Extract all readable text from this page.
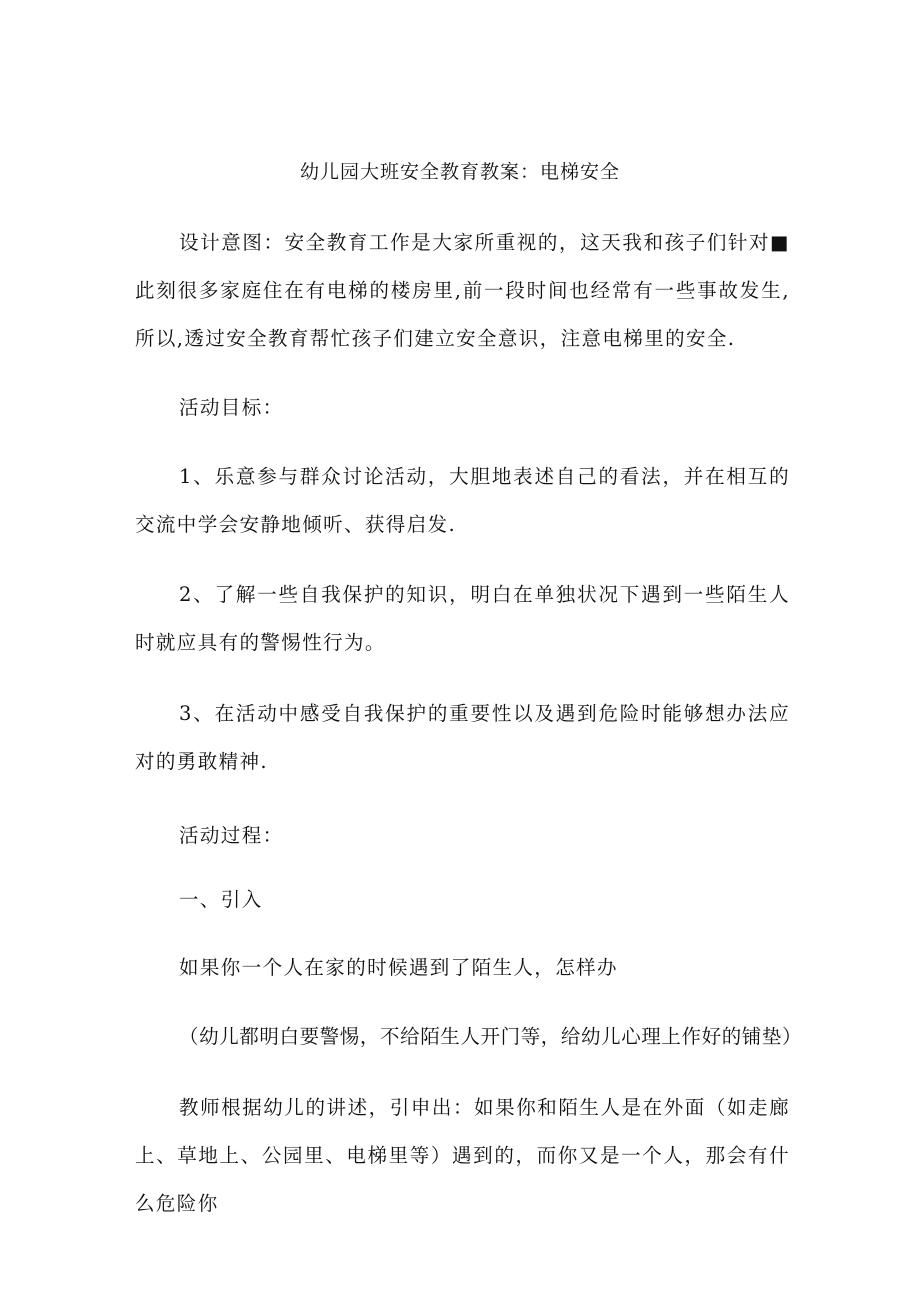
幼儿园大班安全教育教案：电梯安全

设计意图：安全教育工作是大家所重视的，这天我和孩子们针对■此刻很多家庭住在有电梯的楼房里,前一段时间也经常有一些事故发生,所以,透过安全教育帮忙孩子们建立安全意识，注意电梯里的安全.

活动目标：

1、乐意参与群众讨论活动，大胆地表述自己的看法，并在相互的交流中学会安静地倾听、获得启发.

2、了解一些自我保护的知识，明白在单独状况下遇到一些陌生人时就应具有的警惕性行为。

3、在活动中感受自我保护的重要性以及遇到危险时能够想办法应对的勇敢精神.

活动过程：

一、引入

如果你一个人在家的时候遇到了陌生人，怎样办

（幼儿都明白要警惕，不给陌生人开门等，给幼儿心理上作好的铺垫）

教师根据幼儿的讲述，引申出：如果你和陌生人是在外面（如走廊上、草地上、公园里、电梯里等）遇到的，而你又是一个人，那会有什么危险你
